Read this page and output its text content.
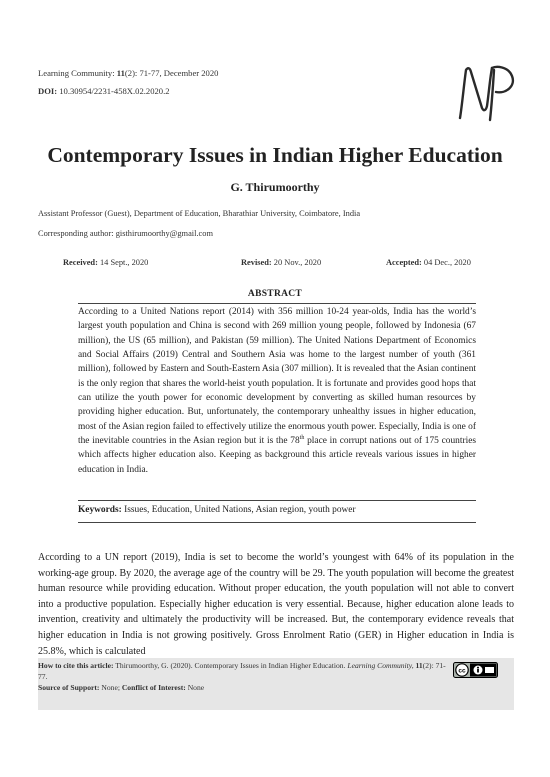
Learning Community: 11(2): 71-77, December 2020
DOI: 10.30954/2231-458X.02.2020.2
Contemporary Issues in Indian Higher Education
G. Thirumoorthy
Assistant Professor (Guest), Department of Education, Bharathiar University, Coimbatore, India
Corresponding author: gisthirumoorthy@gmail.com
Received: 14 Sept., 2020	Revised: 20 Nov., 2020	Accepted: 04 Dec., 2020
ABSTRACT
According to a United Nations report (2014) with 356 million 10-24 year-olds, India has the world’s largest youth population and China is second with 269 million young people, followed by Indonesia (67 million), the US (65 million), and Pakistan (59 million). The United Nations Department of Economics and Social Affairs (2019) Central and Southern Asia was home to the largest number of youth (361 million), followed by Eastern and South-Eastern Asia (307 million). It is revealed that the Asian continent is the only region that shares the world-heist youth population. It is fortunate and provides good hops that can utilize the youth power for economic development by converting as skilled human resources by providing higher education. But, unfortunately, the contemporary unhealthy issues in higher education, most of the Asian region failed to effectively utilize the enormous youth power. Especially, India is one of the inevitable countries in the Asian region but it is the 78th place in corrupt nations out of 175 countries which affects higher education also. Keeping as background this article reveals various issues in higher education in India.
Keywords: Issues, Education, United Nations, Asian region, youth power
According to a UN report (2019), India is set to become the world’s youngest with 64% of its population in the working-age group. By 2020, the average age of the country will be 29. The youth population will become the greatest human resource while providing education. Without proper education, the youth population will not able to convert into a productive population. Especially higher education is very essential. Because, higher education alone leads to invention, creativity and ultimately the productivity will be increased. But, the contemporary evidence reveals that higher education in India is not growing positively. Gross Enrolment Ratio (GER) in Higher education in India is 25.8%, which is calculated
How to cite this article: Thirumoorthy, G. (2020). Contemporary Issues in Indian Higher Education. Learning Community, 11(2): 71-77.
Source of Support: None; Conflict of Interest: None
cc
